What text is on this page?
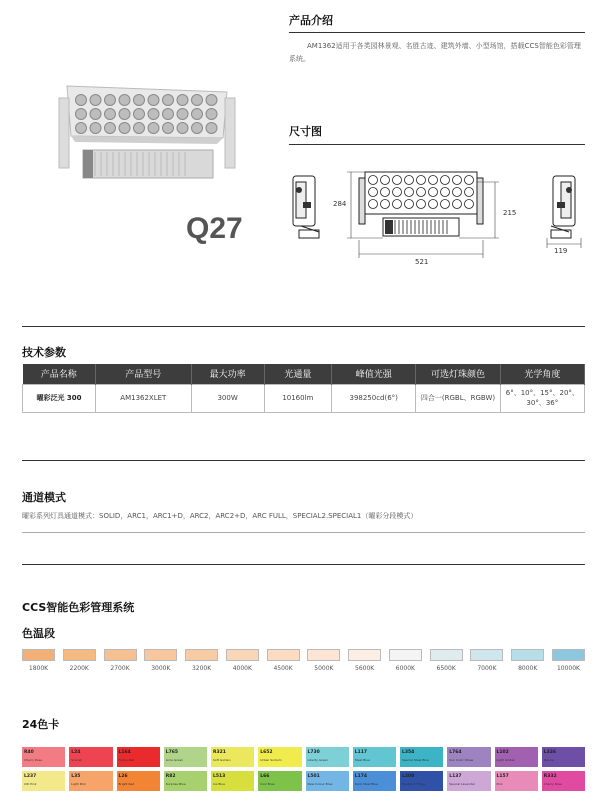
Q27
产品介绍
AM1362适用于各类园林景观、名胜古迹、建筑外墙、小型场馆，搭载CCS智能色彩管理系统。
尺寸图
284
215
521
119
技术参数
产品名称	产品型号	最大功率	光通量	峰值光强	可选灯珠颜色	光学角度
曜彩泛光 300	AM1362XLET	300W	10160lm	398250cd(6°)	四合一(RGBL、RGBW)	6°、10°、15°、20°、30°、36°
通道模式
曜彩系列灯具通道模式：SOLID，ARC1，ARC1+D，ARC2，ARC2+D，ARC FULL，SPECIAL2.SPECIAL1（曜彩分段模式）
CCS智能色彩管理系统
色温段
1800K	2200K	2700K	3000K	3200K	4000K	4500K	5000K	5600K	6000K	6500K	7000K	8000K	10000K
24色卡
R40
Cherry Rose
L24
Scarlet
L164
Flame Red
L765
Lime Green
R321
Soft Golden
L652
Urban Sodium
L730
Liberty Green
L117
Steel Blue
L354
Special Steel Blue
L764
Sun Color Straw
L102
Light Amber
L326
Mauve
L237
CID Pink
L35
Light Pink
L26
Bright Red
R82
Surprise Blue
L513
Ice Blue
L66
Cool Blue
L501
New Colour Blue
L174
Dark Steel Blue
L200
Double CT Blue
L137
Special Lavender
L157
Pink
R332
Cherry Rose
